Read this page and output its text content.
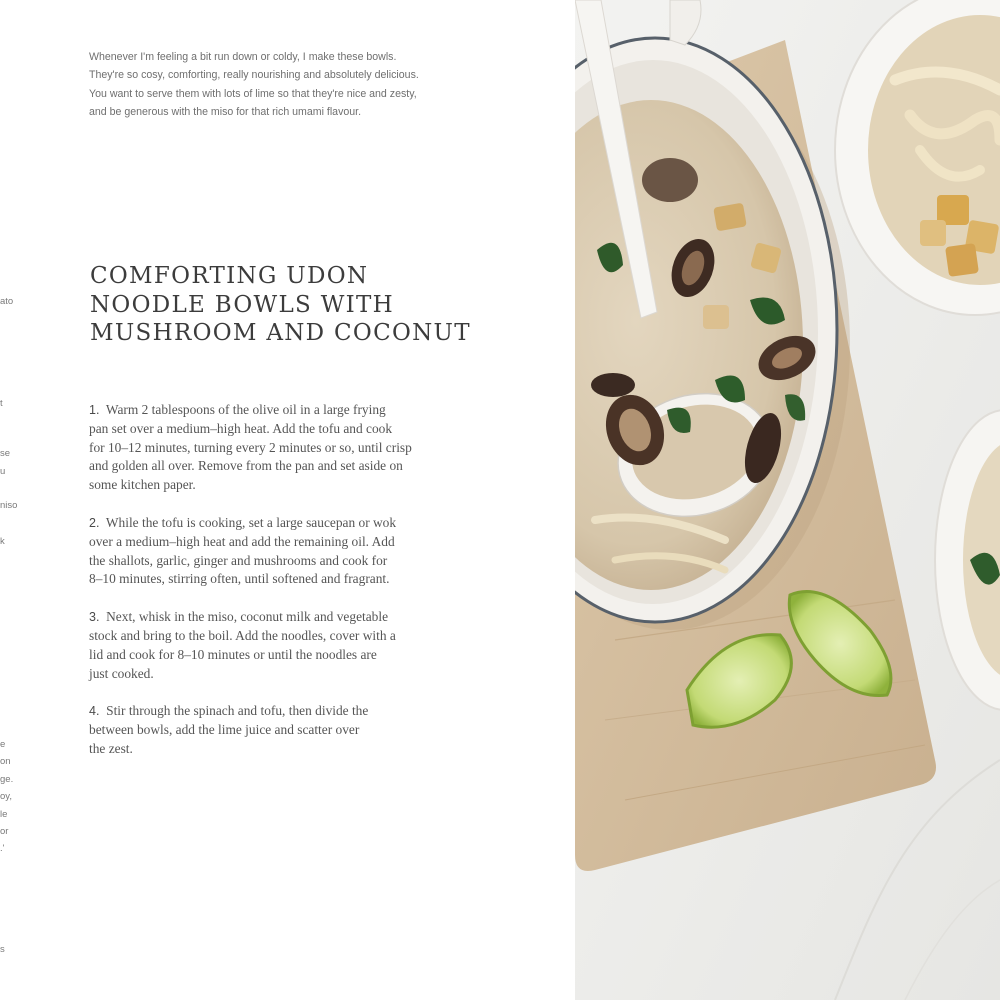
Whenever I'm feeling a bit run down or coldy, I make these bowls.
They're so cosy, comforting, really nourishing and absolutely delicious.
You want to serve them with lots of lime so that they're nice and zesty,
and be generous with the miso for that rich umami flavour.

COMFORTING UDON
NOODLE BOWLS WITH
MUSHROOM AND COCONUT
1. Warm 2 tablespoons of the olive oil in a large frying
pan set over a medium–high heat. Add the tofu and cook
for 10–12 minutes, turning every 2 minutes or so, until crisp
and golden all over. Remove from the pan and set aside on
some kitchen paper.
2. While the tofu is cooking, set a large saucepan or wok
over a medium–high heat and add the remaining oil. Add
the shallots, garlic, ginger and mushrooms and cook for
8–10 minutes, stirring often, until softened and fragrant.
3. Next, whisk in the miso, coconut milk and vegetable
stock and bring to the boil. Add the noodles, cover with a
lid and cook for 8–10 minutes or until the noodles are
just cooked.
4. Stir through the spinach and tofu, then divide the
between bowls, add the lime juice and scatter over
the zest.
ato
t
se
u
niso
k
e
on
ge.
oy,
le
or
.'
s
